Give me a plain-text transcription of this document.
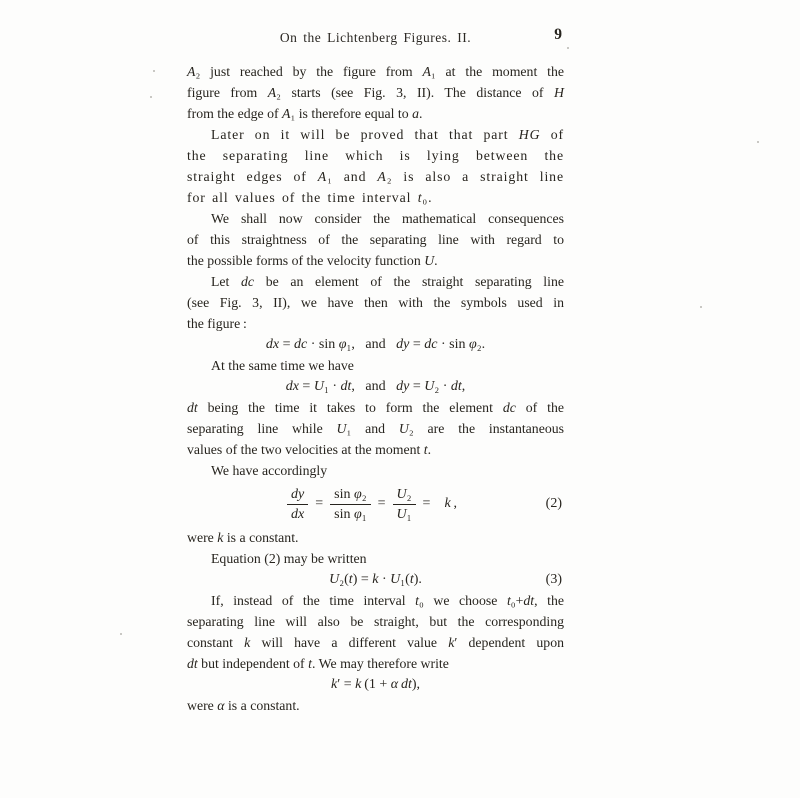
On the Lichtenberg Figures. II.	9
A₂ just reached by the figure from A₁ at the moment the
figure from A₂ starts (see Fig. 3, II). The distance of H
from the edge of A₁ is therefore equal to a.
Later on it will be proved that that part HG of
the separating line which is lying between the
straight edges of A₁ and A₂ is also a straight line
for all values of the time interval t₀.
We shall now consider the mathematical consequences
of this straightness of the separating line with regard to
the possible forms of the velocity function U.
Let dc be an element of the straight separating line
(see Fig. 3, II), we have then with the symbols used in
the figure :
dx = dc · sin φ₁,   and   dy = dc · sin φ₂.
At the same time we have
dx = U₁ · dt,   and   dy = U₂ · dt,
dt being the time it takes to form the element dc of the
separating line while U₁ and U₂ are the instantaneous
values of the two velocities at the moment t.
We have accordingly
$\frac{dy}{dx} = \frac{\text{sin φ₂}}{\text{sin φ₁}} = \frac{\text{U₂}}{\text{U₁}} = k$ ,	(2)
were k is a constant.
Equation (2) may be written
U₂(t) = k · U₁(t).	(3)
If, instead of the time interval t₀ we choose t₀+dt, the
separating line will also be straight, but the corresponding
constant k will have a different value k′ dependent upon
dt but independent of t. We may therefore write
k′ = k (1 + α  dt),
were α is a constant.
